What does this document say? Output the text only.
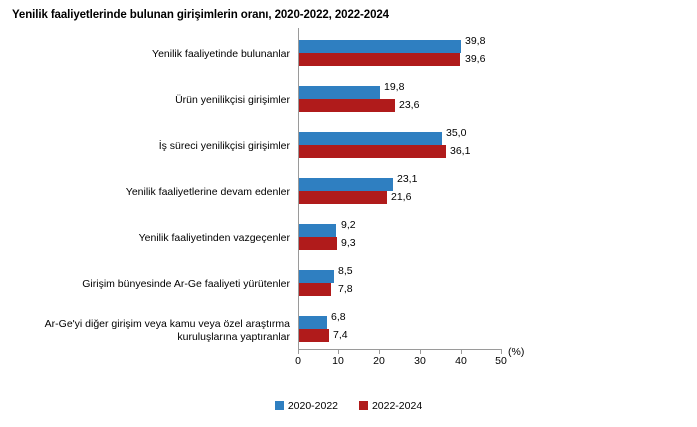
Yenilik faaliyetlerinde bulunan girişimlerin oranı, 2020-2022, 2022-2024
Yenilik faaliyetinde bulunanlar
Ürün yenilikçisi girişimler
İş süreci yenilikçisi girişimler
Yenilik faaliyetlerine devam edenler
Yenilik faaliyetinden vazgeçenler
Girişim bünyesinde Ar-Ge faaliyeti yürütenler
Ar-Ge'yi diğer girişim veya kamu veya özel araştırma kuruluşlarına yaptıranlar
39,8
39,6
19,8
23,6
35,0
36,1
23,1
21,6
9,2
9,3
8,5
7,8
6,8
7,4
0	10	20	30	40	50
(%)
2020-2022	2022-2024
